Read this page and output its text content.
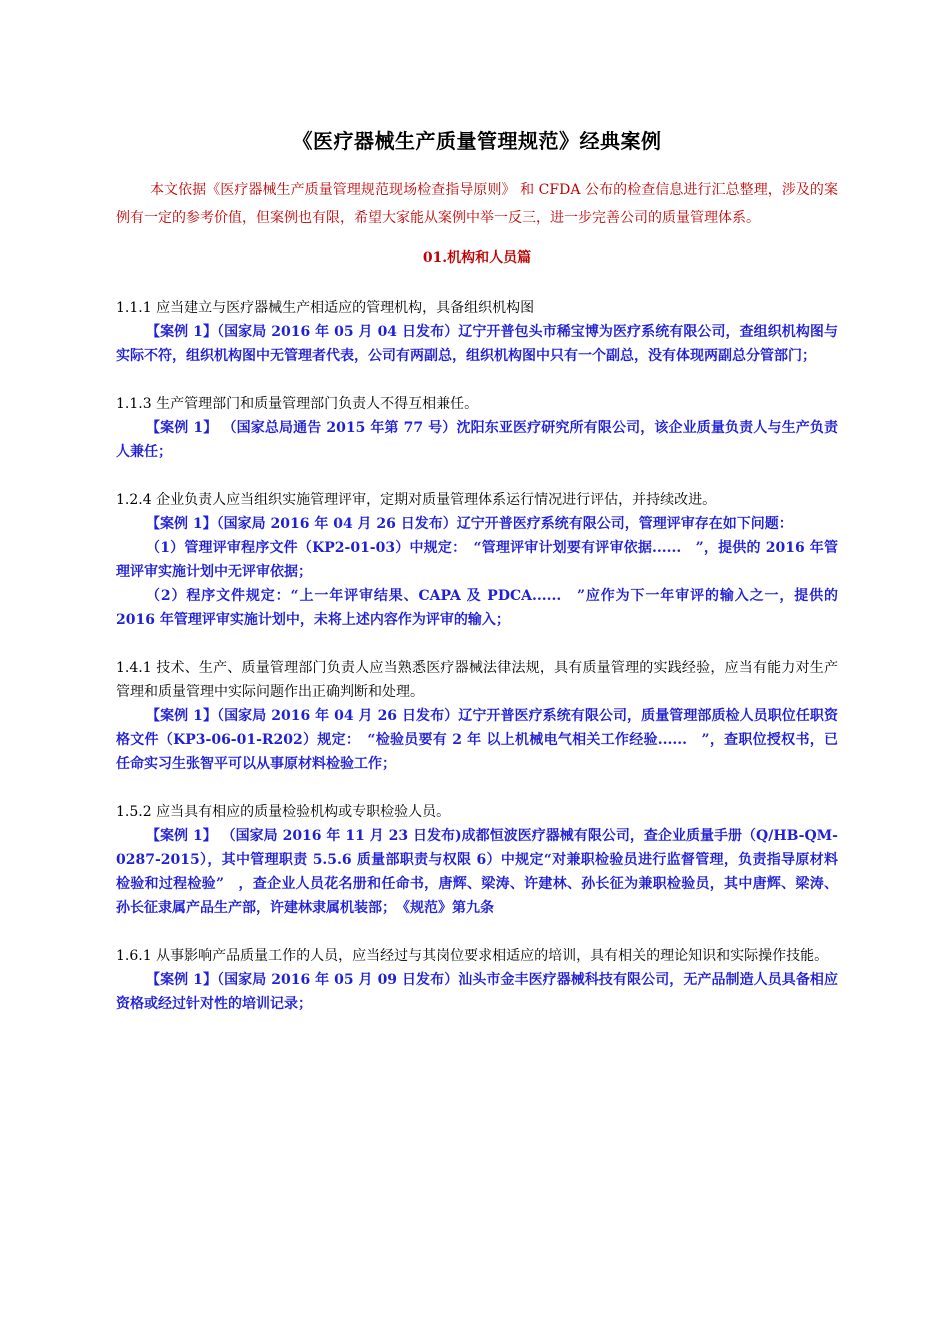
《医疗器械生产质量管理规范》经典案例

本文依据《医疗器械生产质量管理规范现场检查指导原则》 和 CFDA 公布的检查信息进行汇总整理，涉及的案例有一定的参考价值，但案例也有限，希望大家能从案例中举一反三，进一步完善公司的质量管理体系。

01.机构和人员篇

1.1.1 应当建立与医疗器械生产相适应的管理机构，具备组织机构图

【案例 1】（国家局 2016 年 05 月 04 日发布）辽宁开普包头市稀宝博为医疗系统有限公司，查组织机构图与实际不符，组织机构图中无管理者代表，公司有两副总，组织机构图中只有一个副总，没有体现两副总分管部门；

1.1.3 生产管理部门和质量管理部门负责人不得互相兼任。

【案例 1】 （国家总局通告 2015 年第 77 号）沈阳东亚医疗研究所有限公司，该企业质量负责人与生产负责人兼任；

1.2.4 企业负责人应当组织实施管理评审，定期对质量管理体系运行情况进行评估，并持续改进。

【案例 1】（国家局 2016 年 04 月 26 日发布）辽宁开普医疗系统有限公司，管理评审存在如下问题：

（1）管理评审程序文件（KP2-01-03）中规定：　“管理评审计划要有评审依据......　”，提供的 2016 年管理评审实施计划中无评审依据；

（2）程序文件规定：“上一年评审结果、CAPA 及 PDCA......　”应作为下一年审评的输入之一，提供的 2016 年管理评审实施计划中，未将上述内容作为评审的输入；

1.4.1 技术、生产、质量管理部门负责人应当熟悉医疗器械法律法规，具有质量管理的实践经验，应当有能力对生产管理和质量管理中实际问题作出正确判断和处理。

【案例 1】（国家局 2016 年 04 月 26 日发布）辽宁开普医疗系统有限公司，质量管理部质检人员职位任职资格文件（KP3-06-01-R202）规定：　“检验员要有 2 年 以上机械电气相关工作经验......　”，查职位授权书，已任命实习生张智平可以从事原材料检验工作；

1.5.2 应当具有相应的质量检验机构或专职检验人员。

【案例 1】 （国家局 2016 年 11 月 23 日发布)成都恒波医疗器械有限公司，查企业质量手册（Q/HB-QM-0287-2015），其中管理职责 5.5.6 质量部职责与权限 6）中规定“对兼职检验员进行监督管理，负责指导原材料检验和过程检验”　，查企业人员花名册和任命书，唐辉、梁涛、许建林、孙长征为兼职检验员，其中唐辉、梁涛、孙长征隶属产品生产部，许建林隶属机装部；　《规范》第九条

1.6.1 从事影响产品质量工作的人员，应当经过与其岗位要求相适应的培训，具有相关的理论知识和实际操作技能。

【案例 1】（国家局 2016 年 05 月 09 日发布）汕头市金丰医疗器械科技有限公司，无产品制造人员具备相应资格或经过针对性的培训记录；
